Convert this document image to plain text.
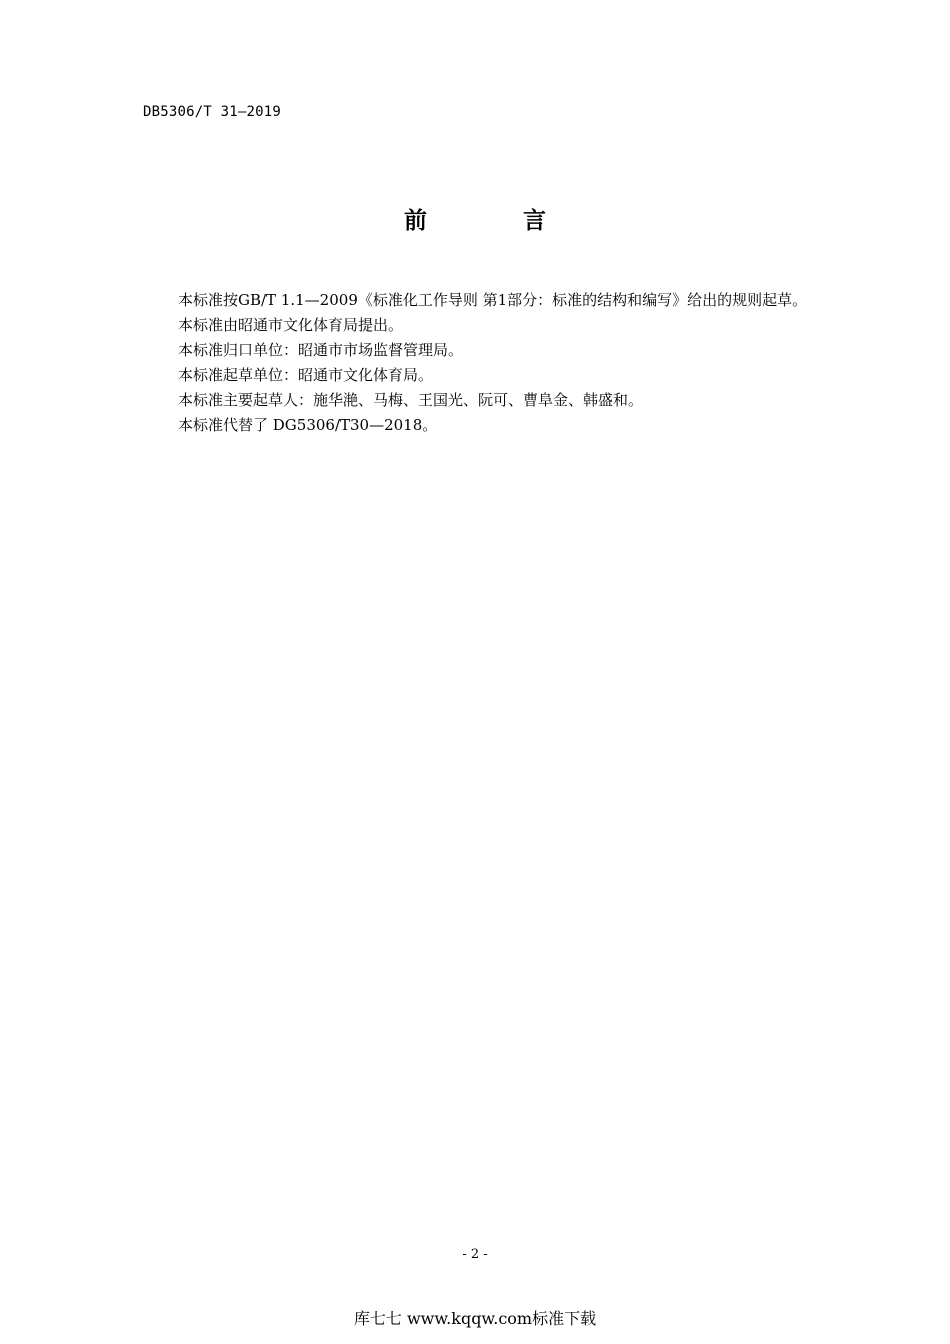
DB5306/T 31—2019
前 言

本标准按GB/T 1.1—2009《标准化工作导则 第1部分：标准的结构和编写》给出的规则起草。

本标准由昭通市文化体育局提出。

本标准归口单位：昭通市市场监督管理局。

本标准起草单位：昭通市文化体育局。

本标准主要起草人：施华滟、马梅、王国光、阮可、曹阜金、韩盛和。

本标准代替了 DG5306/T30—2018。

- 2 -
库七七 www.kqqw.com标准下载
